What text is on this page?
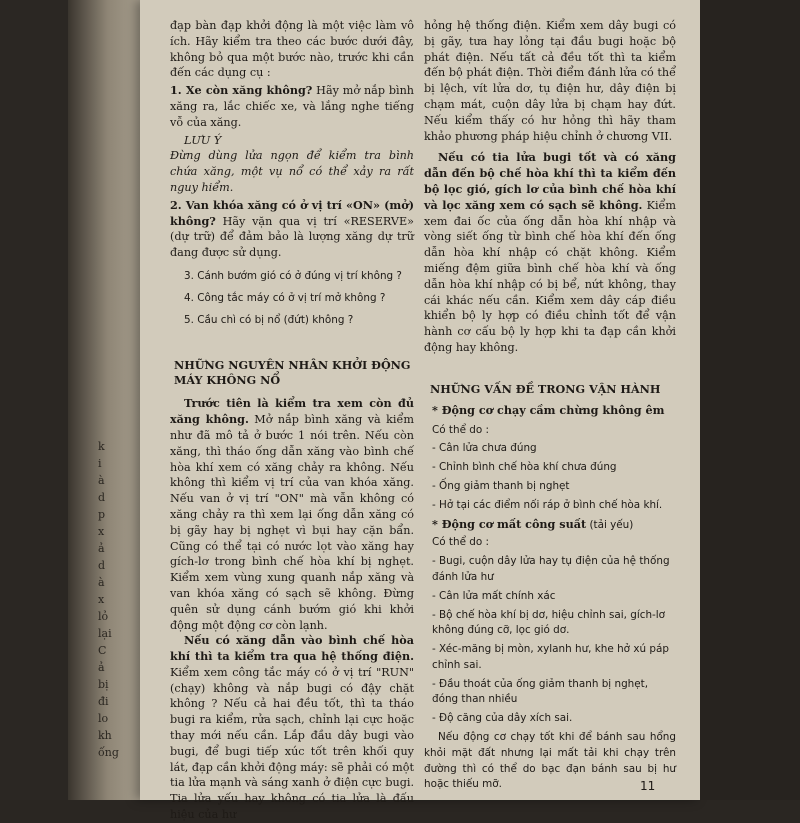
k
i
à
d
p
x
ả
d
à
x
lỏ
lại
C
ả
bị
đi
lo
kh
ống

đạp bàn đạp khởi động là một việc làm vô ích. Hãy kiểm tra theo các bước dưới đây, không bỏ qua một bước nào, trước khi cần đến các dụng cụ :

1. Xe còn xăng không? Hãy mở nắp bình xăng ra, lắc chiếc xe, và lắng nghe tiếng vỗ của xăng.

LƯU Ý

Đừng dùng lửa ngọn để kiểm tra bình chứa xăng, một vụ nổ có thể xảy ra rất nguy hiểm.

2. Van khóa xăng có ở vị trí «ON» (mở) không? Hãy vặn qua vị trí «RESERVE» (dự trữ) để đảm bảo là lượng xăng dự trữ đang được sử dụng.

3. Cánh bướm gió có ở đúng vị trí không ?

4. Công tắc máy có ở vị trí mở không ?

5. Cầu chì có bị nổ (đứt) không ?

NHỮNG NGUYÊN NHÂN KHỞI ĐỘNG

MÁY KHÔNG NỔ

Trước tiên là kiểm tra xem còn đủ xăng không. Mở nắp bình xăng và kiểm như đã mô tả ở bước 1 nói trên. Nếu còn xăng, thì tháo ống dẫn xăng vào bình chế hòa khí xem có xăng chảy ra không. Nếu không thì kiểm vị trí của van khóa xăng. Nếu van ở vị trí "ON" mà vẫn không có xăng chảy ra thì xem lại ống dẫn xăng có bị gãy hay bị nghẹt vì bụi hay cặn bẩn. Cũng có thể tại có nước lọt vào xăng hay gích-lơ trong bình chế hòa khí bị nghẹt. Kiểm xem vùng xung quanh nắp xăng và van khóa xăng có sạch sẽ không. Đừng quên sử dụng cánh bướm gió khi khởi động một động cơ còn lạnh.

Nếu có xăng dẫn vào bình chế hòa khí thì ta kiểm tra qua hệ thống điện. Kiểm xem công tắc máy có ở vị trí "RUN" (chạy) không và nắp bugi có đậy chặt không ? Nếu cả hai đều tốt, thì ta tháo bugi ra kiểm, rửa sạch, chỉnh lại cực hoặc thay mới nếu cần. Lắp đầu dây bugi vào bugi, để bugi tiếp xúc tốt trên khối quy lát, đạp cần khởi động máy: sẽ phải có một tia lửa mạnh và sáng xanh ở điện cực bugi. Tia lửa yếu hay không có tia lửa là đấu hiệu của hư

hỏng hệ thống điện. Kiểm xem dây bugi có bị gãy, tưa hay lỏng tại đầu bugi hoặc bộ phát điện. Nếu tất cả đều tốt thì ta kiểm đến bộ phát điện. Thời điểm đánh lửa có thể bị lệch, vít lửa dơ, tụ điện hư, dây điện bị chạm mát, cuộn dây lửa bị chạm hay đứt. Nếu kiểm thấy có hư hỏng thì hãy tham khảo phương pháp hiệu chỉnh ở chương VII.

Nếu có tia lửa bugi tốt và có xăng dẫn đến bộ chế hòa khí thì ta kiểm đến bộ lọc gió, gích lơ của bình chế hòa khí và lọc xăng xem có sạch sẽ không. Kiểm xem đai ốc của ống dẫn hòa khí nhập và vòng siết ống từ bình chế hòa khí đến ống dẫn hòa khí nhập có chặt không. Kiểm miếng đệm giữa bình chế hòa khí và ống dẫn hòa khí nhập có bị bể, nứt không, thay cái khác nếu cần. Kiểm xem dây cáp điều khiển bộ ly hợp có điều chỉnh tốt để vận hành cơ cấu bộ ly hợp khi ta đạp cần khởi động hay không.

NHỮNG VẤN ĐỀ TRONG VẬN HÀNH

* Động cơ chạy cầm chừng không êm

Có thể do :

- Cân lửa chưa đúng
- Chỉnh bình chế hòa khí chưa đúng
- Ống giảm thanh bị nghẹt
- Hở tại các điểm nối ráp ở bình chế hòa khí.

* Động cơ mất công suất (tải yếu)

Có thể do :

- Bugi, cuộn dây lửa hay tụ điện của hệ thống đánh lửa hư
- Cân lửa mất chính xác
- Bộ chế hòa khí bị dơ, hiệu chỉnh sai, gích-lơ không đúng cỡ, lọc gió dơ.
- Xéc-măng bị mòn, xylanh hư, khe hở xú páp chỉnh sai.
- Đầu thoát của ống giảm thanh bị nghẹt, đóng than nhiều
- Độ căng của dây xích sai.

Nếu động cơ chạy tốt khi để bánh sau hổng khỏi mặt đất nhưng lại mất tải khi chạy trên đường thì có thể do bạc đạn bánh sau bị hư hoặc thiếu mỡ.	11
